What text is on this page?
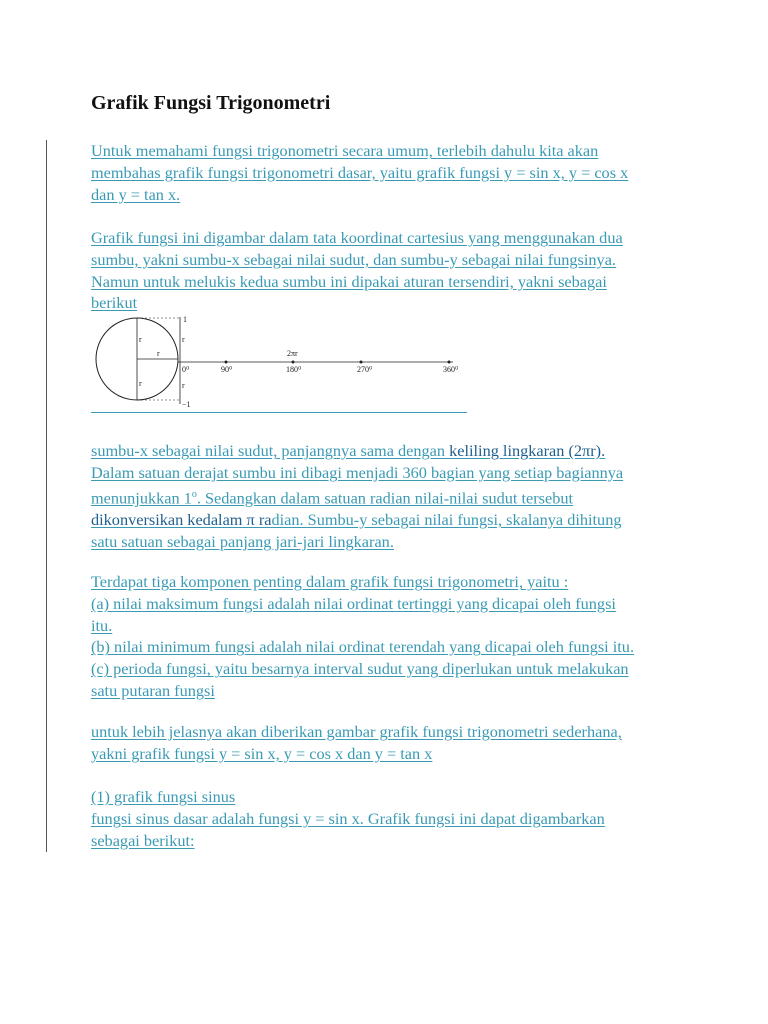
Grafik Fungsi Trigonometri
Untuk memahami fungsi trigonometri secara umum, terlebih dahulu kita akan
membahas grafik fungsi trigonometri dasar, yaitu grafik fungsi y = sin x, y = cos x
dan y = tan x.
Grafik fungsi ini digambar dalam tata koordinat cartesius yang menggunakan dua
sumbu, yakni sumbu-x sebagai nilai sudut, dan sumbu-y sebagai nilai fungsinya.
Namun untuk melukis kedua sumbu ini dipakai aturan tersendiri, yakni sebagai
berikut
1
r
r
−1
r
r
r
0⁰	90⁰	180⁰	270⁰	360⁰
2πr
sumbu-x sebagai nilai sudut, panjangnya sama dengan keliling lingkaran (2πr).
Dalam satuan derajat sumbu ini dibagi menjadi 360 bagian yang setiap bagiannya
menunjukkan 1$^o$. Sedangkan dalam satuan radian nilai-nilai sudut tersebut
dikonversikan kedalam π radian. Sumbu-y sebagai nilai fungsi, skalanya dihitung
satu satuan sebagai panjang jari-jari lingkaran.
Terdapat tiga komponen penting dalam grafik fungsi trigonometri, yaitu :
(a) nilai maksimum fungsi adalah nilai ordinat tertinggi yang dicapai oleh fungsi
itu.
(b) nilai minimum fungsi adalah nilai ordinat terendah yang dicapai oleh fungsi itu.
(c) perioda fungsi, yaitu besarnya interval sudut yang diperlukan untuk melakukan
satu putaran fungsi
untuk lebih jelasnya akan diberikan gambar grafik fungsi trigonometri sederhana,
yakni grafik fungsi y = sin x, y = cos x dan y = tan x
(1) grafik fungsi sinus
fungsi sinus dasar adalah fungsi y = sin x. Grafik fungsi ini dapat digambarkan
sebagai berikut:
